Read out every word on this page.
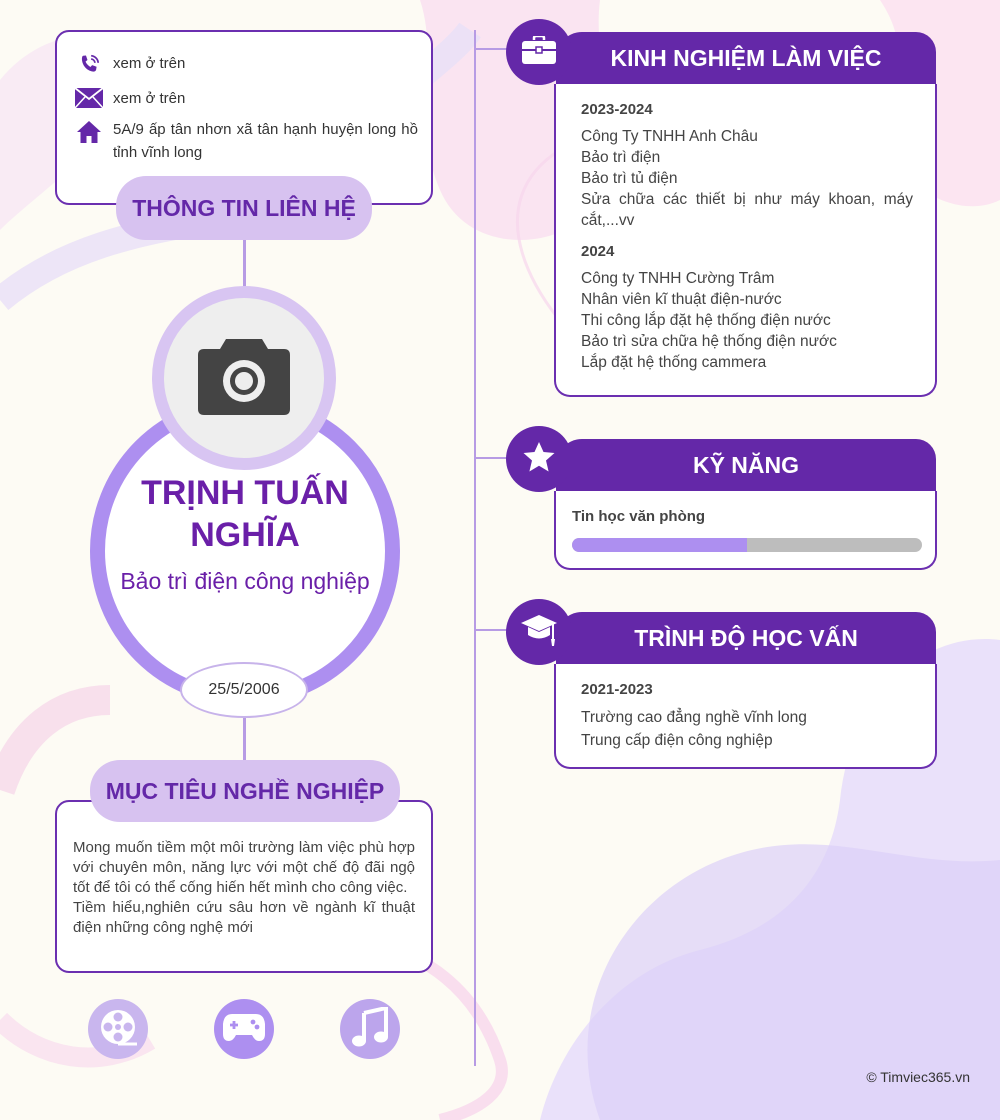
xem ở trên
xem ở trên
5A/9 ấp tân nhơn xã tân hạnh huyện long hồ tỉnh vĩnh long
THÔNG TIN LIÊN HỆ
TRỊNH TUẤN NGHĨA
Bảo trì điện công nghiệp
25/5/2006
Mong muốn tiềm một môi trường làm việc phù hợp với chuyên môn, năng lực với một chế độ đãi ngộ tốt để tôi có thể cống hiến hết mình cho công việc.
Tiềm hiểu,nghiên cứu sâu hơn về ngành kĩ thuật điện những công nghệ mới
MỤC TIÊU NGHỀ NGHIỆP
KINH NGHIỆM LÀM VIỆC
2023-2024
Công Ty TNHH Anh Châu
Bảo trì điện
Bảo trì tủ điện
Sửa chữa các thiết bị như máy khoan, máy cắt,...vv
2024
Công ty TNHH Cường Trâm
Nhân viên kĩ thuật điện-nước
Thi công lắp đặt hệ thống điện nước
Bảo trì sửa chữa hệ thống điện nước
Lắp đặt hệ thống cammera
KỸ NĂNG
Tin học văn phòng
TRÌNH ĐỘ HỌC VẤN
2021-2023
Trường cao đẳng nghề vĩnh long
Trung cấp điện công nghiệp
© Timviec365.vn
